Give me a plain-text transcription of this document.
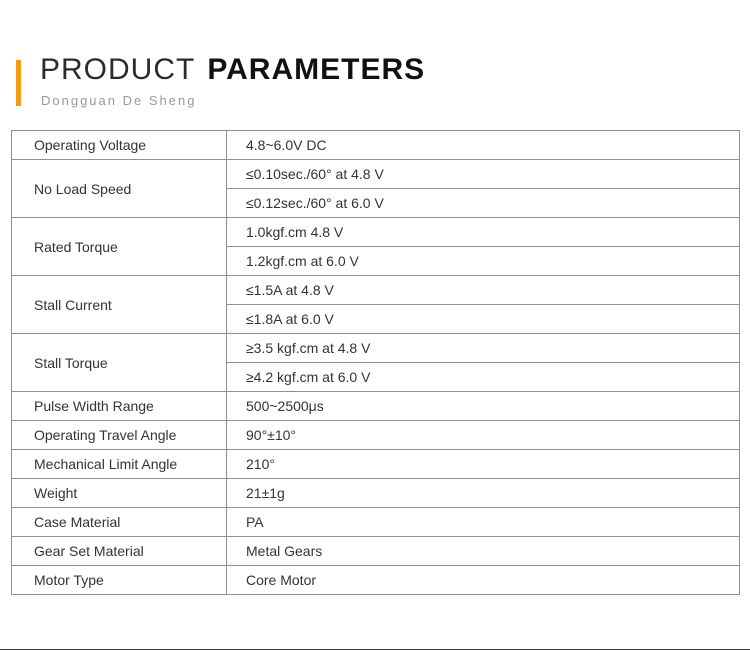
PRODUCT PARAMETERS
Dongguan De Sheng
Operating Voltage	4.8~6.0V DC
No Load Speed	≤0.10sec./60° at 4.8 V
	≤0.12sec./60° at 6.0 V
Rated Torque	1.0kgf.cm 4.8 V
	1.2kgf.cm at 6.0 V
Stall Current	≤1.5A at 4.8 V
	≤1.8A at 6.0 V
Stall Torque	≥3.5 kgf.cm at 4.8 V
	≥4.2 kgf.cm at 6.0 V
Pulse Width Range	500~2500μs
Operating Travel Angle	90°±10°
Mechanical Limit Angle	210°
Weight	21±1g
Case Material	PA
Gear Set Material	Metal Gears
Motor Type	Core Motor
